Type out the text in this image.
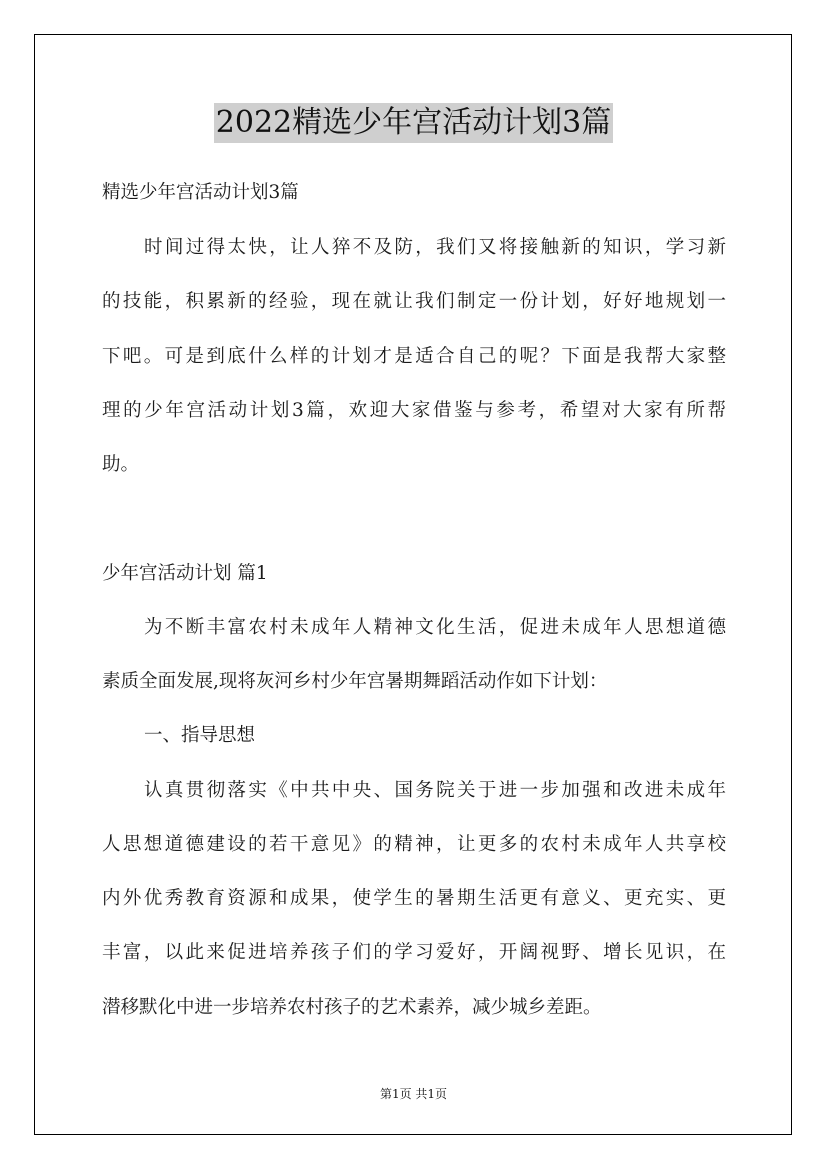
2022精选少年宫活动计划3篇
精选少年宫活动计划3篇
时间过得太快，让人猝不及防，我们又将接触新的知识，学习新
的技能，积累新的经验，现在就让我们制定一份计划，好好地规划一
下吧。可是到底什么样的计划才是适合自己的呢？下面是我帮大家整
理的少年宫活动计划3篇，欢迎大家借鉴与参考，希望对大家有所帮
助。
少年宫活动计划 篇1
为不断丰富农村未成年人精神文化生活，促进未成年人思想道德
素质全面发展,现将灰河乡村少年宫暑期舞蹈活动作如下计划：
一、指导思想
认真贯彻落实《中共中央、国务院关于进一步加强和改进未成年
人思想道德建设的若干意见》的精神，让更多的农村未成年人共享校
内外优秀教育资源和成果，使学生的暑期生活更有意义、更充实、更
丰富，以此来促进培养孩子们的学习爱好，开阔视野、增长见识，在
潜移默化中进一步培养农村孩子的艺术素养，减少城乡差距。
第1页 共1页
